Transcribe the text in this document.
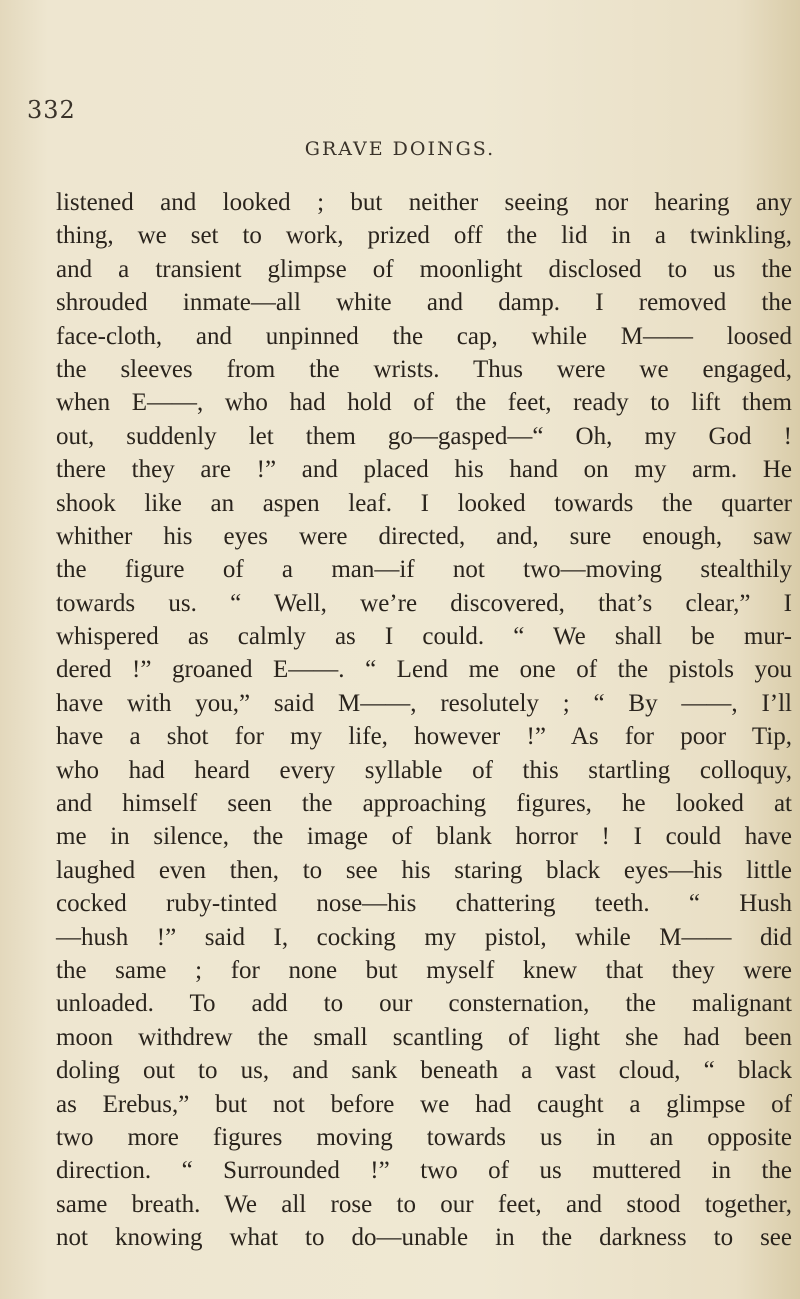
332
GRAVE DOINGS.
listened and looked ; but neither seeing nor hearing any
thing, we set to work, prized off the lid in a twinkling,
and a transient glimpse of moonlight disclosed to us the
shrouded inmate—all white and damp. I removed the
face-cloth, and unpinned the cap, while M—— loosed
the sleeves from the wrists. Thus were we engaged,
when E——, who had hold of the feet, ready to lift them
out, suddenly let them go—gasped—“ Oh, my God !
there they are !” and placed his hand on my arm. He
shook like an aspen leaf. I looked towards the quarter
whither his eyes were directed, and, sure enough, saw
the figure of a man—if not two—moving stealthily
towards us. “ Well, we’re discovered, that’s clear,” I
whispered as calmly as I could. “ We shall be mur-
dered !” groaned E——. “ Lend me one of the pistols you
have with you,” said M——, resolutely ; “ By ——, I’ll
have a shot for my life, however !” As for poor Tip,
who had heard every syllable of this startling colloquy,
and himself seen the approaching figures, he looked at
me in silence, the image of blank horror ! I could have
laughed even then, to see his staring black eyes—his little
cocked ruby-tinted nose—his chattering teeth. “ Hush
—hush !” said I, cocking my pistol, while M—— did
the same ; for none but myself knew that they were
unloaded. To add to our consternation, the malignant
moon withdrew the small scantling of light she had been
doling out to us, and sank beneath a vast cloud, “ black
as Erebus,” but not before we had caught a glimpse of
two more figures moving towards us in an opposite
direction. “ Surrounded !” two of us muttered in the
same breath. We all rose to our feet, and stood together,
not knowing what to do—unable in the darkness to see
